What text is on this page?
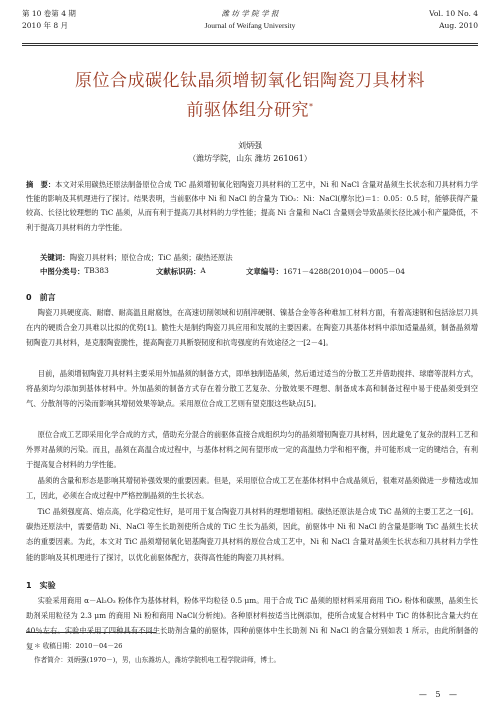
第 10 卷第 4 期
2010 年 8 月
潍 坊 学 院 学 报
Journal of Weifang University
Vol. 10 No. 4
Aug. 2010
原位合成碳化钛晶须增韧氧化铝陶瓷刀具材料
前驱体组分研究*
刘炳强
（潍坊学院，山东 潍坊 261061）
摘　要：本文对采用碳热还原法制备原位合成 TiC 晶须增韧氧化铝陶瓷刀具材料的工艺中，Ni 和 NaCl 含量对晶须生长状态和刀具材料力学性能的影响及其机理进行了探讨。结果表明，当前驱体中 Ni 和 NaCl 的含量为 TiO₂：Ni：NaCl(摩尔比)＝1：0.05：0.5 时，能够获得产量较高、长径比较理想的 TiC 晶须，从而有利于提高刀具材料的力学性能；提高 Ni 含量和 NaCl 含量则会导致晶须长径比减小和产量降低，不利于提高刀具材料的力学性能。
关键词：陶瓷刀具材料；原位合成；TiC 晶须；碳热还原法
中图分类号： TB383	文献标识码： A	文章编号： 1671－4288(2010)04－0005－04
0　前言
陶瓷刀具硬度高、耐磨、耐高温且耐腐蚀，在高速切削领域和切削淬硬钢、镍基合金等各种难加工材料方面，有着高速钢和包括涂层刀具在内的硬质合金刀具难以比拟的优势[1]。脆性大是制约陶瓷刀具应用和发展的主要因素。在陶瓷刀具基体材料中添加适量晶须，制备晶须增韧陶瓷刀具材料，是克服陶瓷脆性，提高陶瓷刀具断裂韧度和抗弯强度的有效途径之一[2－4]。
目前，晶须增韧陶瓷刀具材料主要采用外加晶须的制备方式，即单独制造晶须，然后通过适当的分散工艺并借助搅拌、球磨等混料方式，将晶须均匀添加到基体材料中。外加晶须的制备方式存在着分散工艺复杂、分散效果不理想、制备成本高和制备过程中易于使晶须受到空气、分散剂等的污染而影响其增韧效果等缺点。采用原位合成工艺则有望克服这些缺点[5]。
原位合成工艺即采用化学合成的方式，借助充分混合的前驱体直接合成组织均匀的晶须增韧陶瓷刀具材料，因此避免了复杂的混料工艺和外界对晶须的污染。而且，晶须在高温合成过程中，与基体材料之间有望形成一定的高温热力学和相平衡，并可能形成一定的键结合，有利于提高复合材料的力学性能。
晶须的含量和形态是影响其增韧补强效果的重要因素。但是，采用原位合成工艺在基体材料中合成晶须后，很难对晶须做进一步精选或加工，因此，必须在合成过程中严格控制晶须的生长状态。
TiC 晶须强度高、熔点高，化学稳定性好，是可用于复合陶瓷刀具材料的理想增韧相。碳热还原法是合成 TiC 晶须的主要工艺之一[6]。碳热还原法中，需要借助 Ni、NaCl 等生长助剂使所合成的 TiC 生长为晶须，因此，前驱体中 Ni 和 NaCl 的含量是影响 TiC 晶须生长状态的重要因素。为此，本文对 TiC 晶须增韧氧化铝基陶瓷刀具材料的原位合成工艺中，Ni 和 NaCl 含量对晶须生长状态和刀具材料力学性能的影响及其机理进行了探讨，以优化前驱体配方，获得高性能的陶瓷刀具材料。
1　实验
实验采用商用 α－Al₂O₃ 粉体作为基体材料，粉体平均粒径 0.5 μm。用于合成 TiC 晶须的原材料采用商用 TiO₂ 粉体和碳黑，晶须生长助剂采用粒径为 2.3 μm 的商用 Ni 粉和商用 NaCl(分析纯)。各种原材料按适当比例添加，使所合成复合材料中 TiC 的体积比含量大约在 40％左右。实验中采用了四种具有不同生长助剂含量的前驱体，四种前驱体中生长助剂 Ni 和 NaCl 的含量分别如表 1 所示，由此所制备的复 ＊ 收稿日期：2010－04－26
作者简介：刘炳强(1970－)，男，山东潍坊人，潍坊学院机电工程学院讲师，博士。
— 5 —
